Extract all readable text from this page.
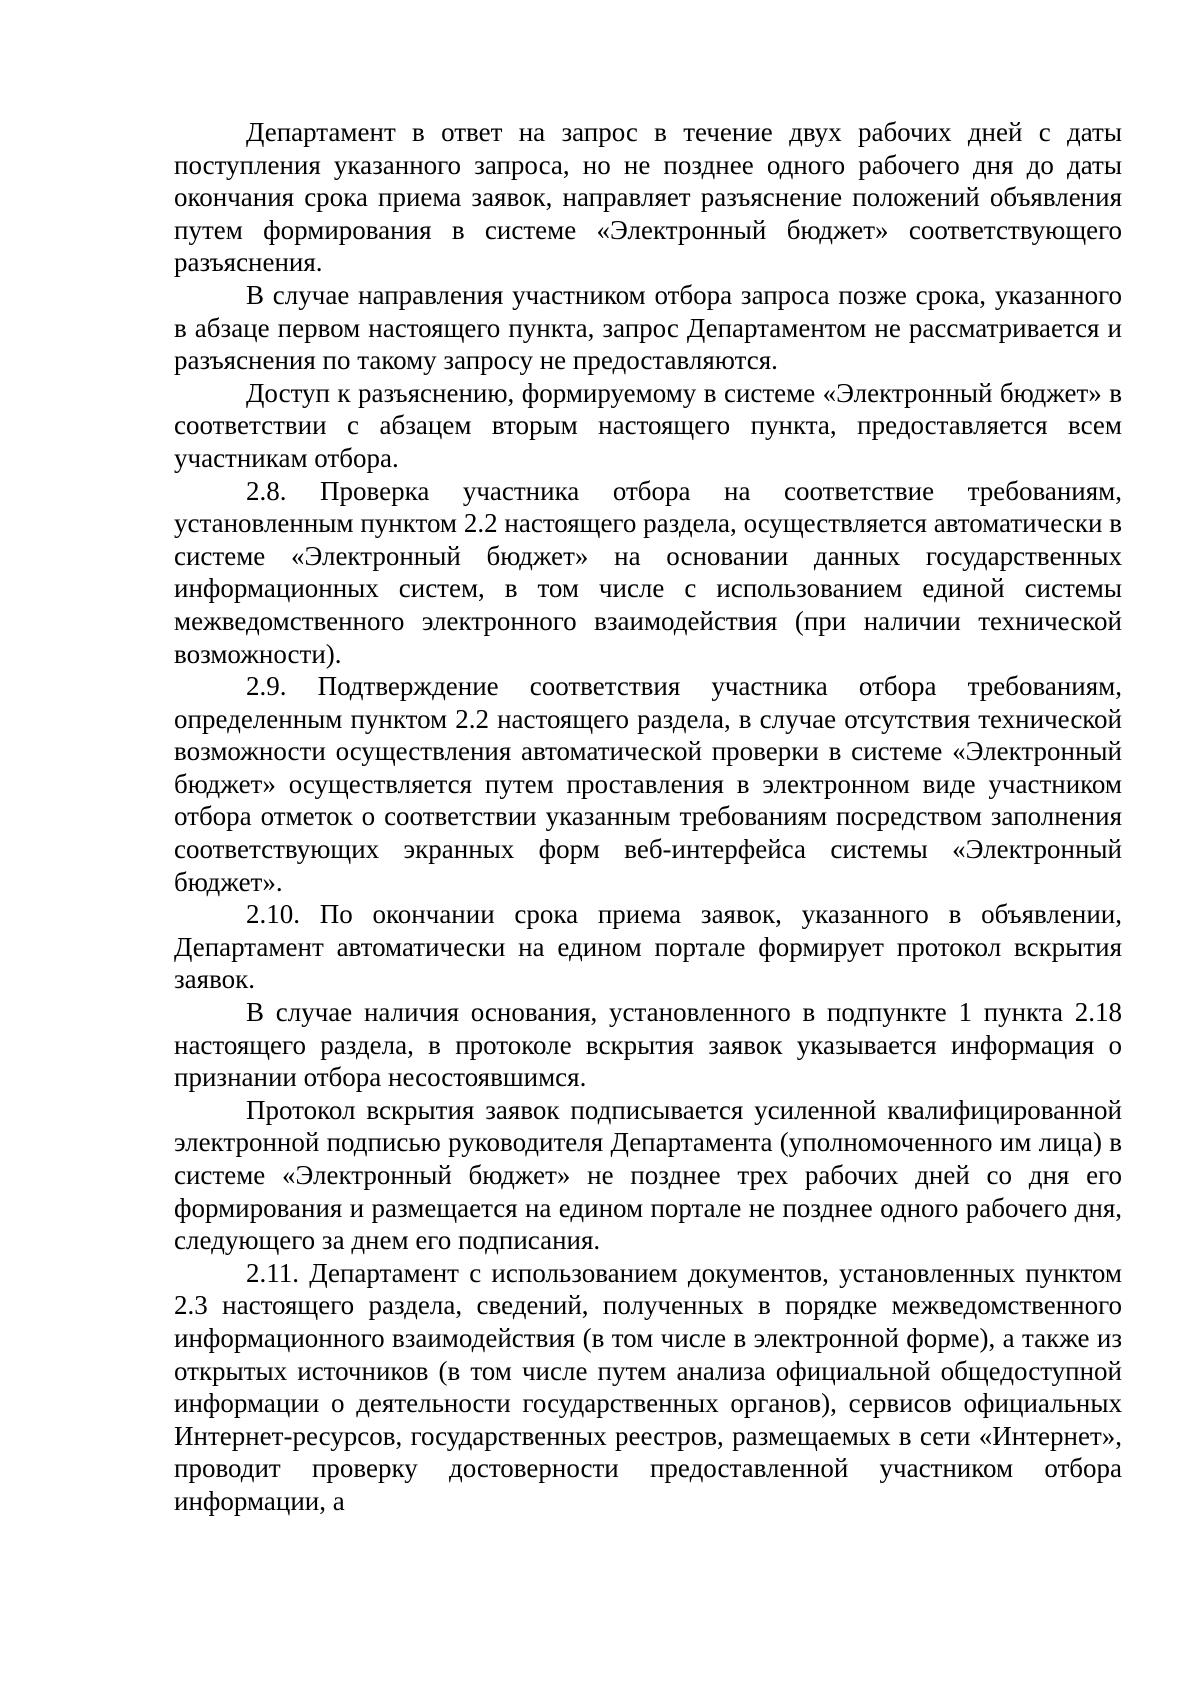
Департамент в ответ на запрос в течение двух рабочих дней с даты поступления указанного запроса, но не позднее одного рабочего дня до даты окончания срока приема заявок, направляет разъяснение положений объявления путем формирования в системе «Электронный бюджет» соответствующего разъяснения.

В случае направления участником отбора запроса позже срока, указанного в абзаце первом настоящего пункта, запрос Департаментом не рассматривается и разъяснения по такому запросу не предоставляются.

Доступ к разъяснению, формируемому в системе «Электронный бюджет» в соответствии с абзацем вторым настоящего пункта, предоставляется всем участникам отбора.

2.8. Проверка участника отбора на соответствие требованиям, установленным пунктом 2.2 настоящего раздела, осуществляется автоматически в системе «Электронный бюджет» на основании данных государственных информационных систем, в том числе с использованием единой системы межведомственного электронного взаимодействия (при наличии технической возможности).

2.9. Подтверждение соответствия участника отбора требованиям, определенным пунктом 2.2 настоящего раздела, в случае отсутствия технической возможности осуществления автоматической проверки в системе «Электронный бюджет» осуществляется путем проставления в электронном виде участником отбора отметок о соответствии указанным требованиям посредством заполнения соответствующих экранных форм веб-интерфейса системы «Электронный бюджет».

2.10. По окончании срока приема заявок, указанного в объявлении, Департамент автоматически на едином портале формирует протокол вскрытия заявок.

В случае наличия основания, установленного в подпункте 1 пункта 2.18 настоящего раздела, в протоколе вскрытия заявок указывается информация о признании отбора несостоявшимся.

Протокол вскрытия заявок подписывается усиленной квалифицированной электронной подписью руководителя Департамента (уполномоченного им лица) в системе «Электронный бюджет» не позднее трех рабочих дней со дня его формирования и размещается на едином портале не позднее одного рабочего дня, следующего за днем его подписания.

2.11. Департамент с использованием документов, установленных пунктом 2.3 настоящего раздела, сведений, полученных в порядке межведомственного информационного взаимодействия (в том числе в электронной форме), а также из открытых источников (в том числе путем анализа официальной общедоступной информации о деятельности государственных органов), сервисов официальных Интернет-ресурсов, государственных реестров, размещаемых в сети «Интернет», проводит проверку достоверности предоставленной участником отбора информации, а
